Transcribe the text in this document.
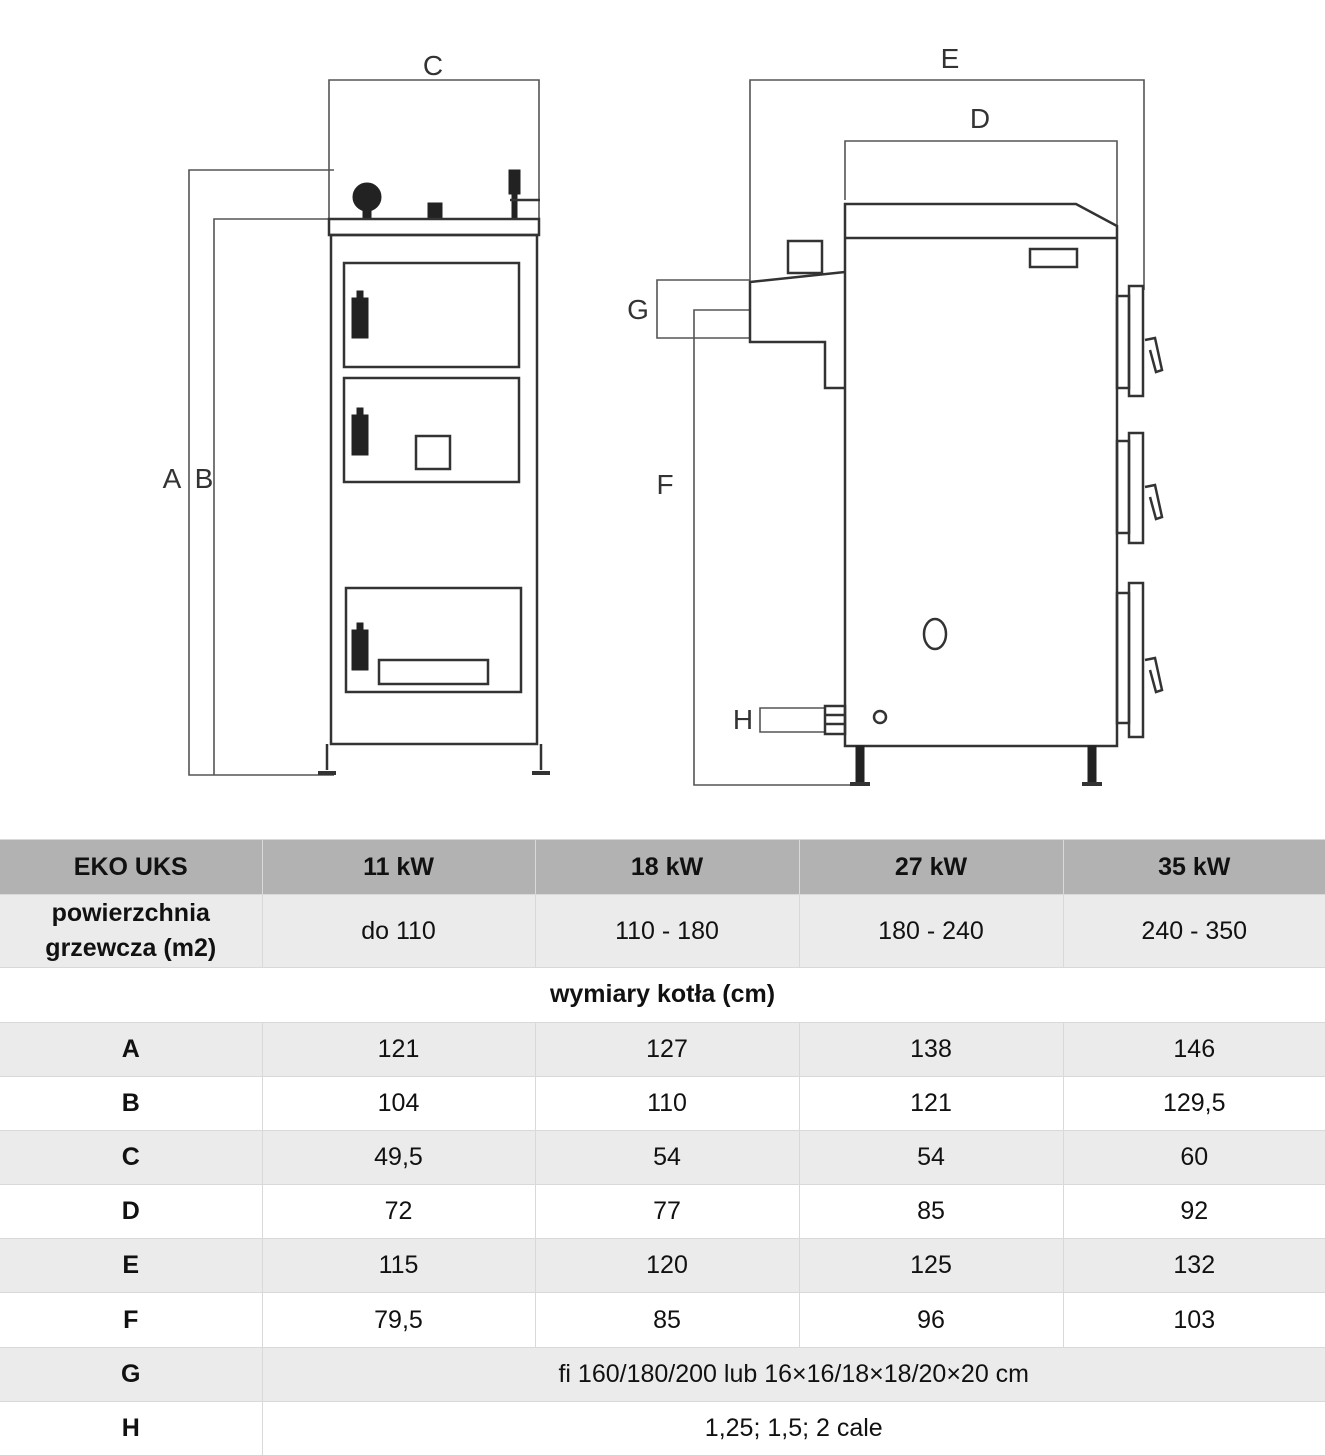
C
A B
E
D
G
F
H
EKO UKS	11 kW	18 kW	27 kW	35 kW
powierzchnia grzewcza (m2)	do 110	110 - 180	180 - 240	240 - 350
wymiary kotła (cm)				
A	121	127	138	146
B	104	110	121	129,5
C	49,5	54	54	60
D	72	77	85	92
E	115	120	125	132
F	79,5	85	96	103
G	fi 160/180/200 lub 16×16/18×18/20×20 cm			
H	1,25; 1,5; 2 cale			
